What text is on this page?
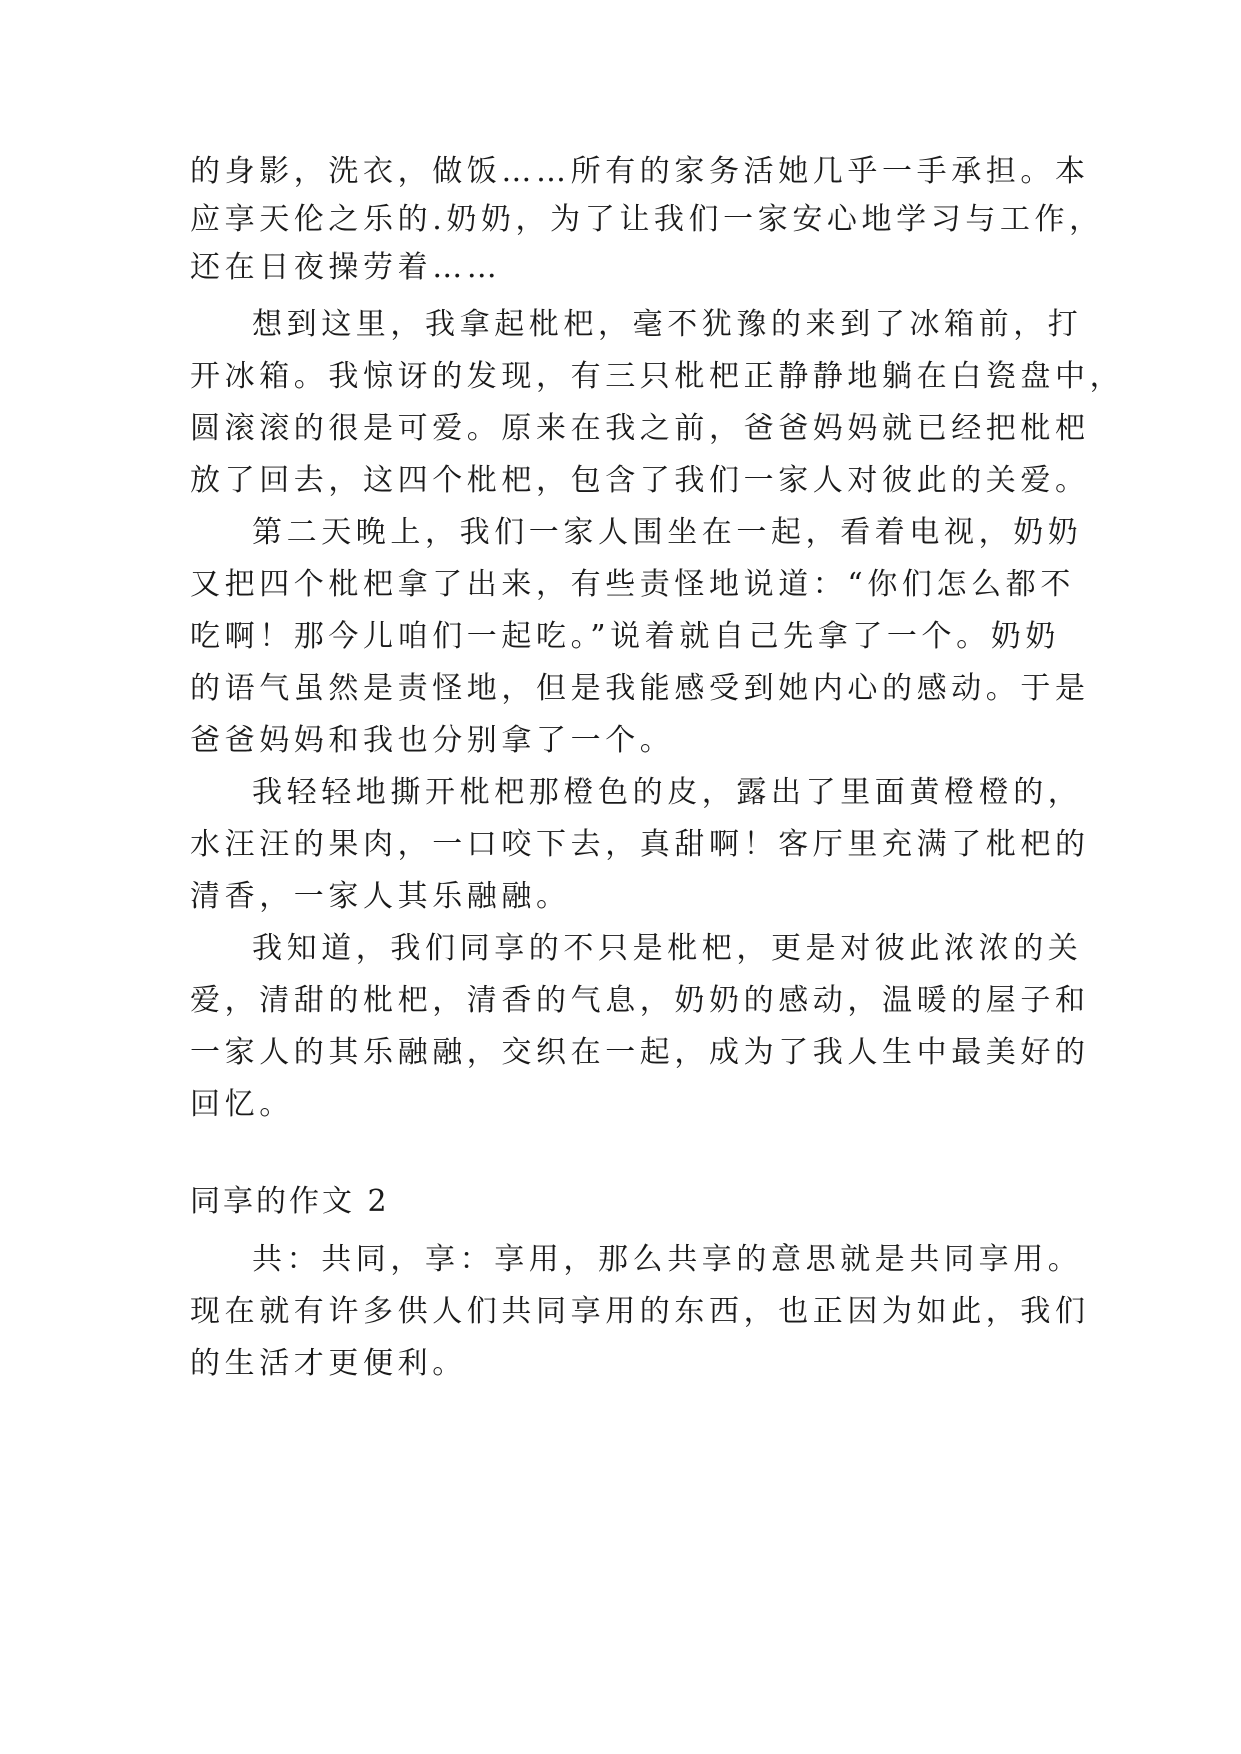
的身影，洗衣，做饭……所有的家务活她几乎一手承担。本
应享天伦之乐的.奶奶，为了让我们一家安心地学习与工作，
还在日夜操劳着……
想到这里，我拿起枇杷，毫不犹豫的来到了冰箱前，打
开冰箱。我惊讶的发现，有三只枇杷正静静地躺在白瓷盘中，
圆滚滚的很是可爱。原来在我之前，爸爸妈妈就已经把枇杷
放了回去，这四个枇杷，包含了我们一家人对彼此的关爱。
第二天晚上，我们一家人围坐在一起，看着电视，奶奶
又把四个枇杷拿了出来，有些责怪地说道：“你们怎么都不
吃啊！那今儿咱们一起吃。”说着就自己先拿了一个。奶奶
的语气虽然是责怪地，但是我能感受到她内心的感动。于是
爸爸妈妈和我也分别拿了一个。
我轻轻地撕开枇杷那橙色的皮，露出了里面黄橙橙的，
水汪汪的果肉，一口咬下去，真甜啊！客厅里充满了枇杷的
清香，一家人其乐融融。
我知道，我们同享的不只是枇杷，更是对彼此浓浓的关
爱，清甜的枇杷，清香的气息，奶奶的感动，温暖的屋子和
一家人的其乐融融，交织在一起，成为了我人生中最美好的
回忆。
同享的作文 2
共：共同，享：享用，那么共享的意思就是共同享用。
现在就有许多供人们共同享用的东西，也正因为如此，我们
的生活才更便利。
